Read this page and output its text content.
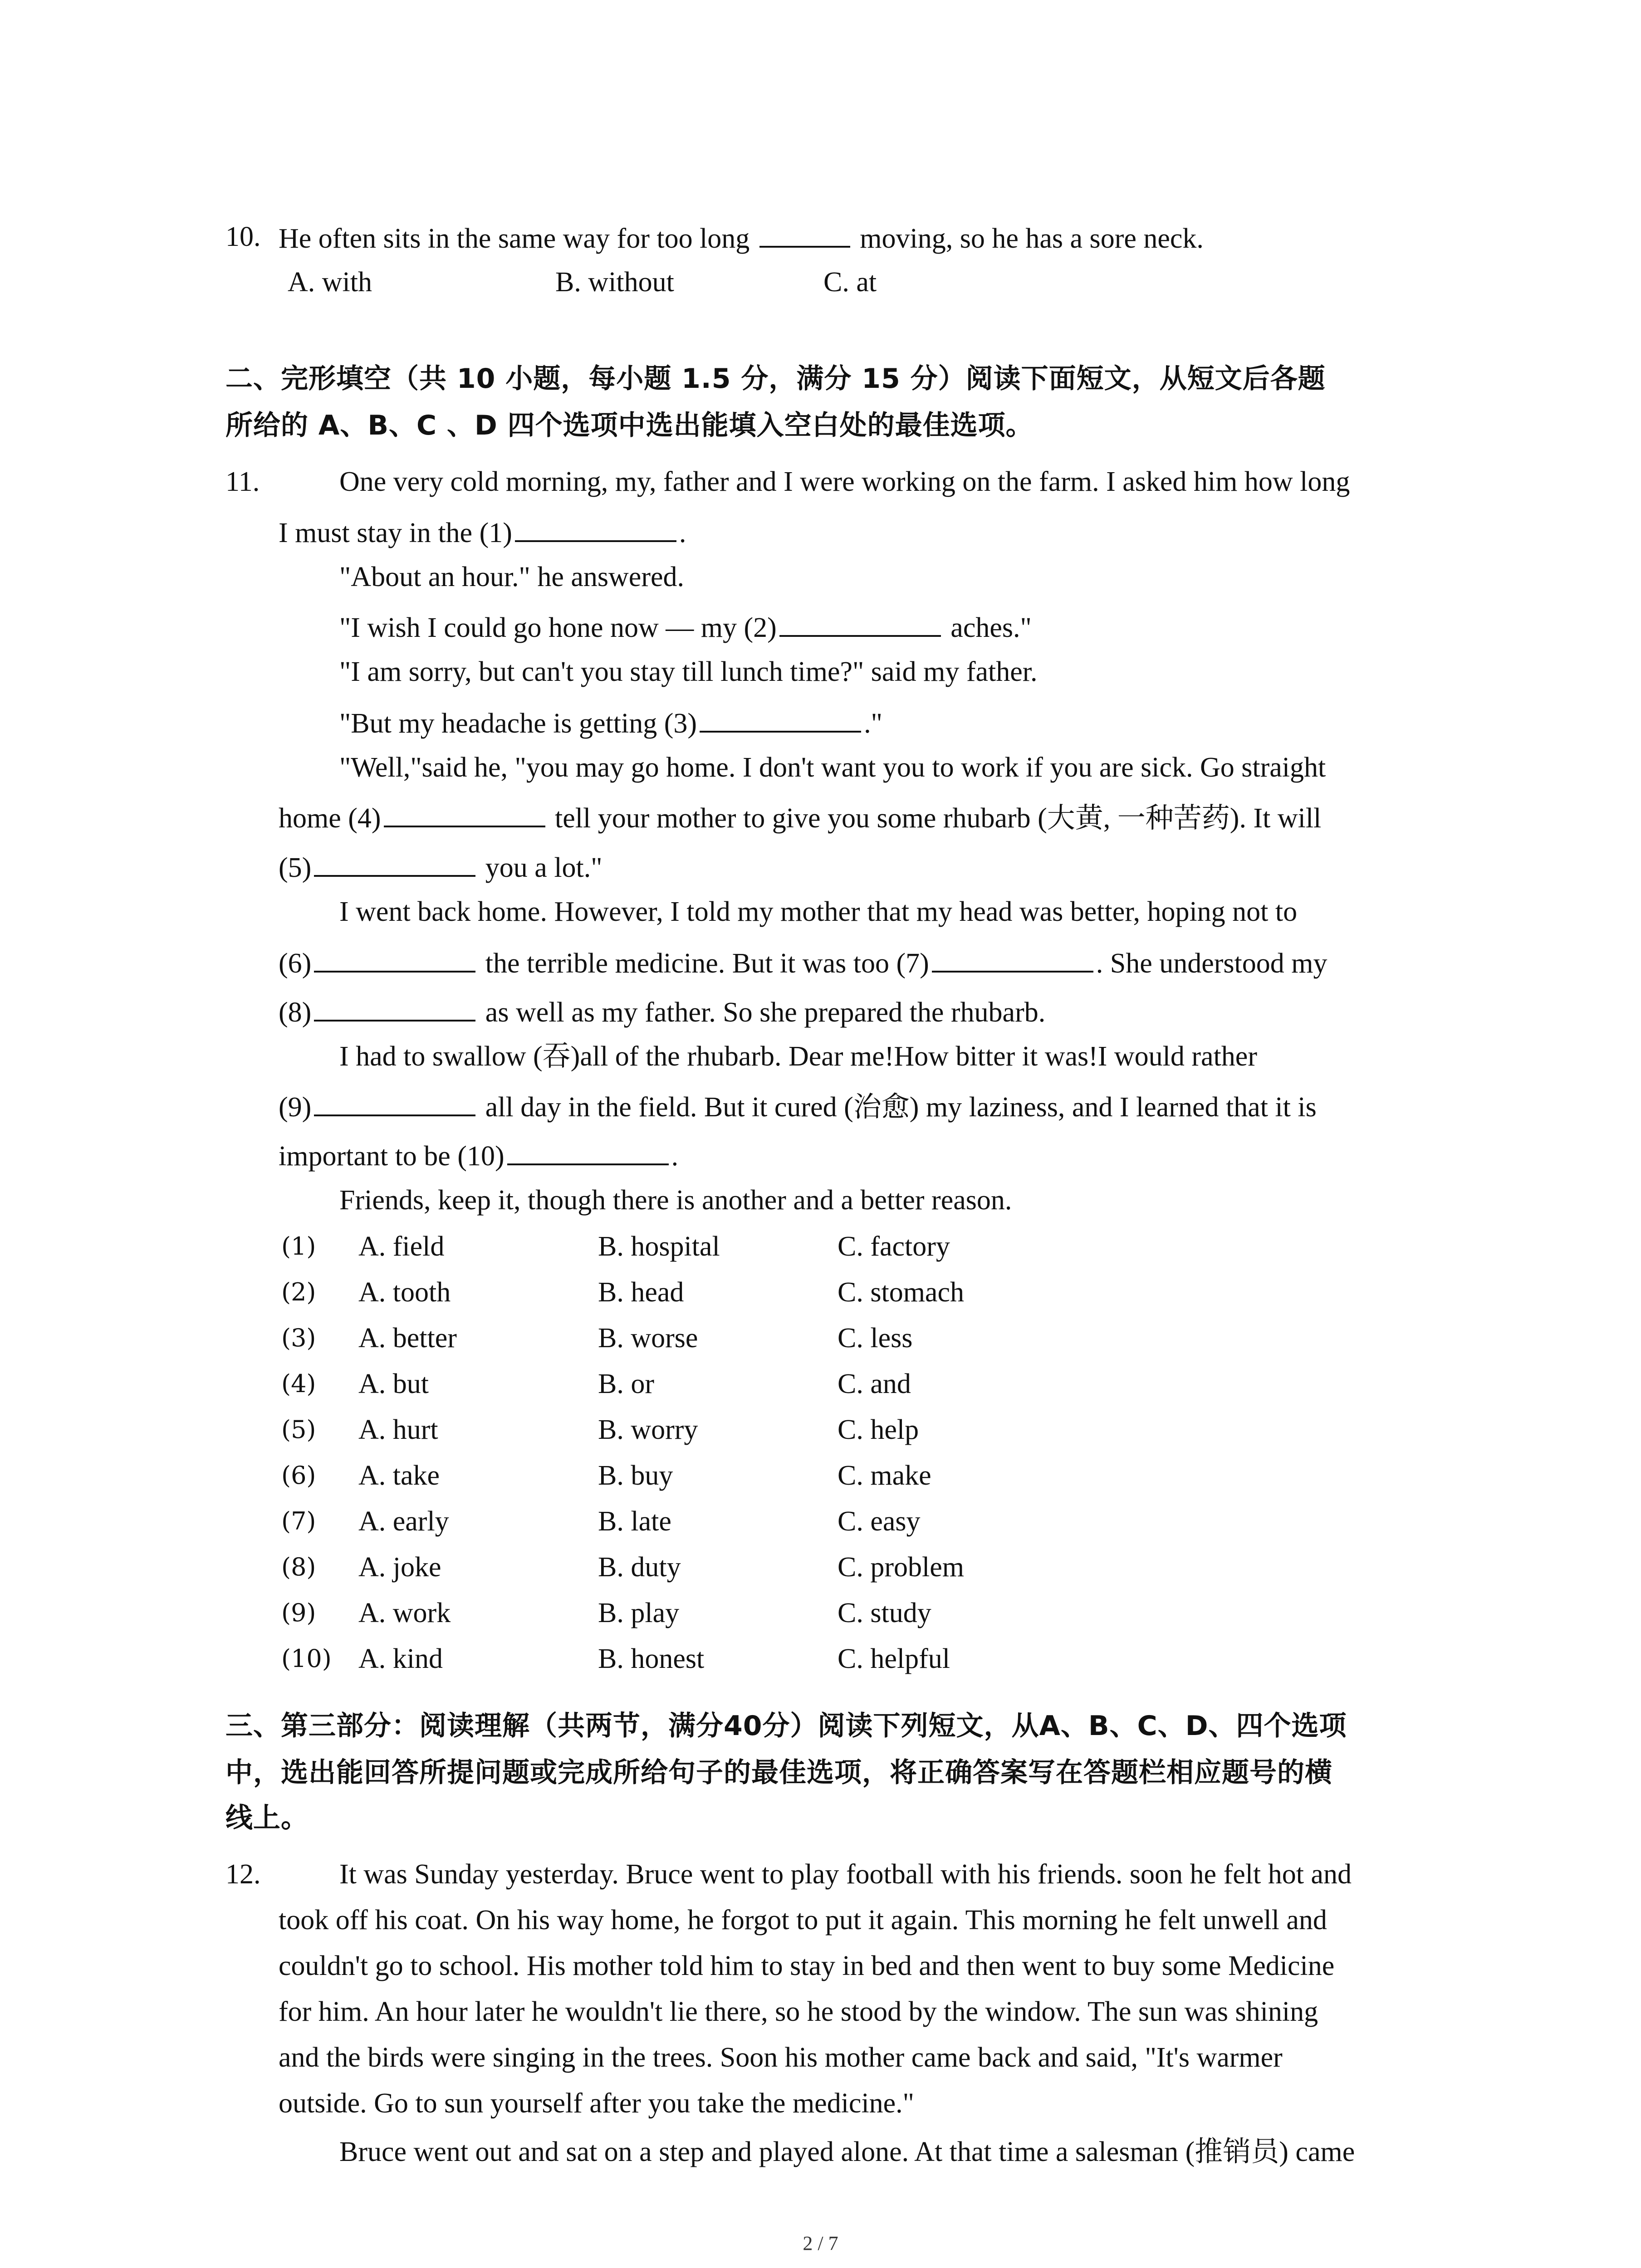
10. He often sits in the same way for too long	moving, so he has a sore neck.
A. with	B. without	C. at
二、完形填空（共 10 小题，每小题 1.5 分，满分 15 分）阅读下面短文，从短文后各题
所给的 A、B、C 、D 四个选项中选出能填入空白处的最佳选项。
11.	One very cold morning, my, father and I were working on the farm. I asked him how long
I must stay in the (1)	.
"About an hour." he answered.
"I wish I could go hone now — my (2)	aches."
"I am sorry, but can't you stay till lunch time?" said my father.
"But my headache is getting (3)	."
"Well,"said he, "you may go home. I don't want you to work if you are sick. Go straight
home (4)	tell your mother to give you some rhubarb (大黄, 一种苦药). It will
(5)	you a lot."
I went back home. However, I told my mother that my head was better, hoping not to
(6)	the terrible medicine. But it was too (7)	. She understood my
(8)	as well as my father. So she prepared the rhubarb.
I had to swallow (吞)all of the rhubarb. Dear me!How bitter it was!I would rather
(9)	all day in the field. But it cured (治愈) my laziness, and I learned that it is
important to be (10)	.
Friends, keep it, though there is another and a better reason.
(1) A. field	B. hospital	C. factory
(2) A. tooth	B. head	C. stomach
(3) A. better	B. worse	C. less
(4) A. but	B. or	C. and
(5) A. hurt	B. worry	C. help
(6) A. take	B. buy	C. make
(7) A. early	B. late	C. easy
(8) A. joke	B. duty	C. problem
(9) A. work	B. play	C. study
(10) A. kind	B. honest	C. helpful
三、第三部分：阅读理解（共两节，满分40分）阅读下列短文，从A、B、C、D、四个选项
中，选出能回答所提问题或完成所给句子的最佳选项，将正确答案写在答题栏相应题号的横
线上。
12.	It was Sunday yesterday. Bruce went to play football with his friends. soon he felt hot and
took off his coat. On his way home, he forgot to put it again. This morning he felt unwell and
couldn't go to school. His mother told him to stay in bed and then went to buy some Medicine
for him. An hour later he wouldn't lie there, so he stood by the window. The sun was shining
and the birds were singing in the trees. Soon his mother came back and said, "It's warmer
outside. Go to sun yourself after you take the medicine."
Bruce went out and sat on a step and played alone. At that time a salesman (推销员) came
2 / 7
